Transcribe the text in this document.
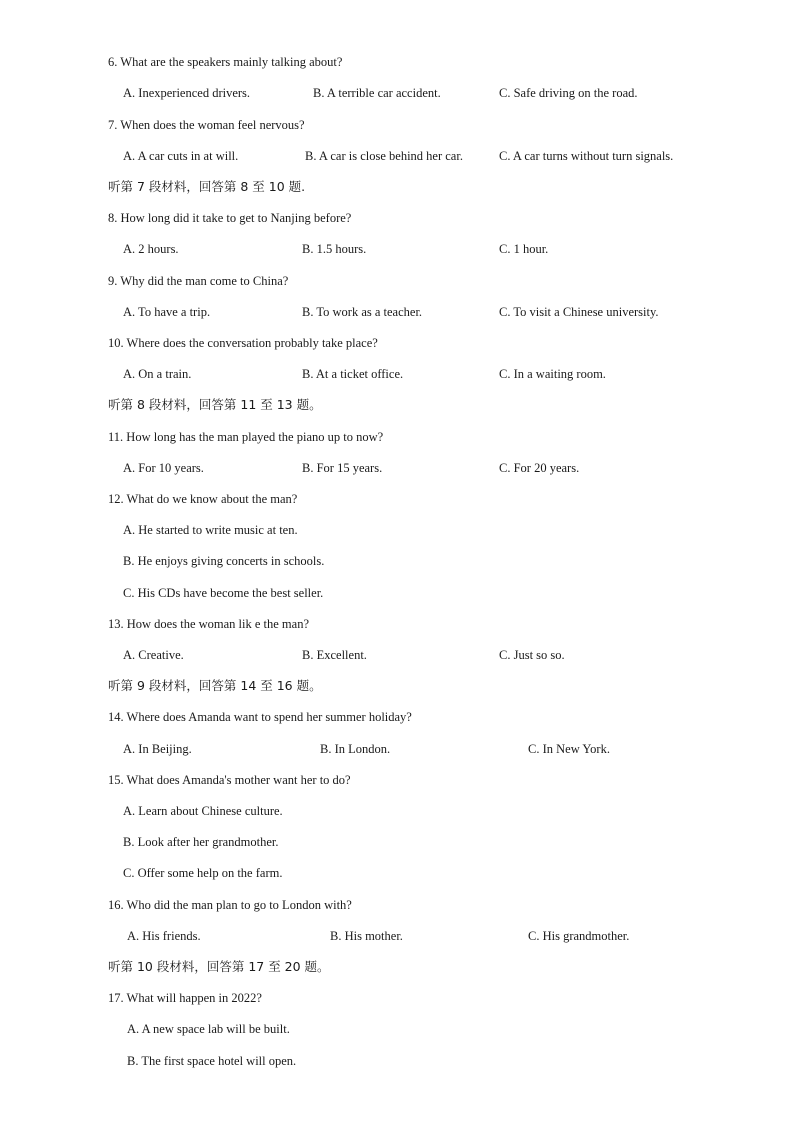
6. What are the speakers mainly talking about?
A. Inexperienced drivers.	B. A terrible car accident.	C. Safe driving on the road.
7. When does the woman feel nervous?
A. A car cuts in at will.	B. A car is close behind her car.	C. A car turns without turn signals.
听第 7 段材料，回答第 8 至 10 题.
8. How long did it take to get to Nanjing before?
A. 2 hours.	B. 1.5 hours.	C. 1 hour.
9. Why did the man come to China?
A. To have a trip.	B. To work as a teacher.	C. To visit a Chinese university.
10. Where does the conversation probably take place?
A. On a train.	B. At a ticket office.	C. In a waiting room.
听第 8 段材料，回答第 11 至 13 题。
11. How long has the man played the piano up to now?
A. For 10 years.	B. For 15 years.	C. For 20 years.
12. What do we know about the man?
A. He started to write music at ten.
B. He enjoys giving concerts in schools.
C. His CDs have become the best seller.
13. How does the woman lik e the man?
A. Creative.	B. Excellent.	C. Just so so.
听第 9 段材料，回答第 14 至 16 题。
14. Where does Amanda want to spend her summer holiday?
A. In Beijing.	B. In London.	C. In New York.
15. What does Amanda's mother want her to do?
A. Learn about Chinese culture.
B. Look after her grandmother.
C. Offer some help on the farm.
16. Who did the man plan to go to London with?
A. His friends.	B. His mother.	C. His grandmother.
听第 10 段材料，回答第 17 至 20 题。
17. What will happen in 2022?
A. A new space lab will be built.
B. The first space hotel will open.
